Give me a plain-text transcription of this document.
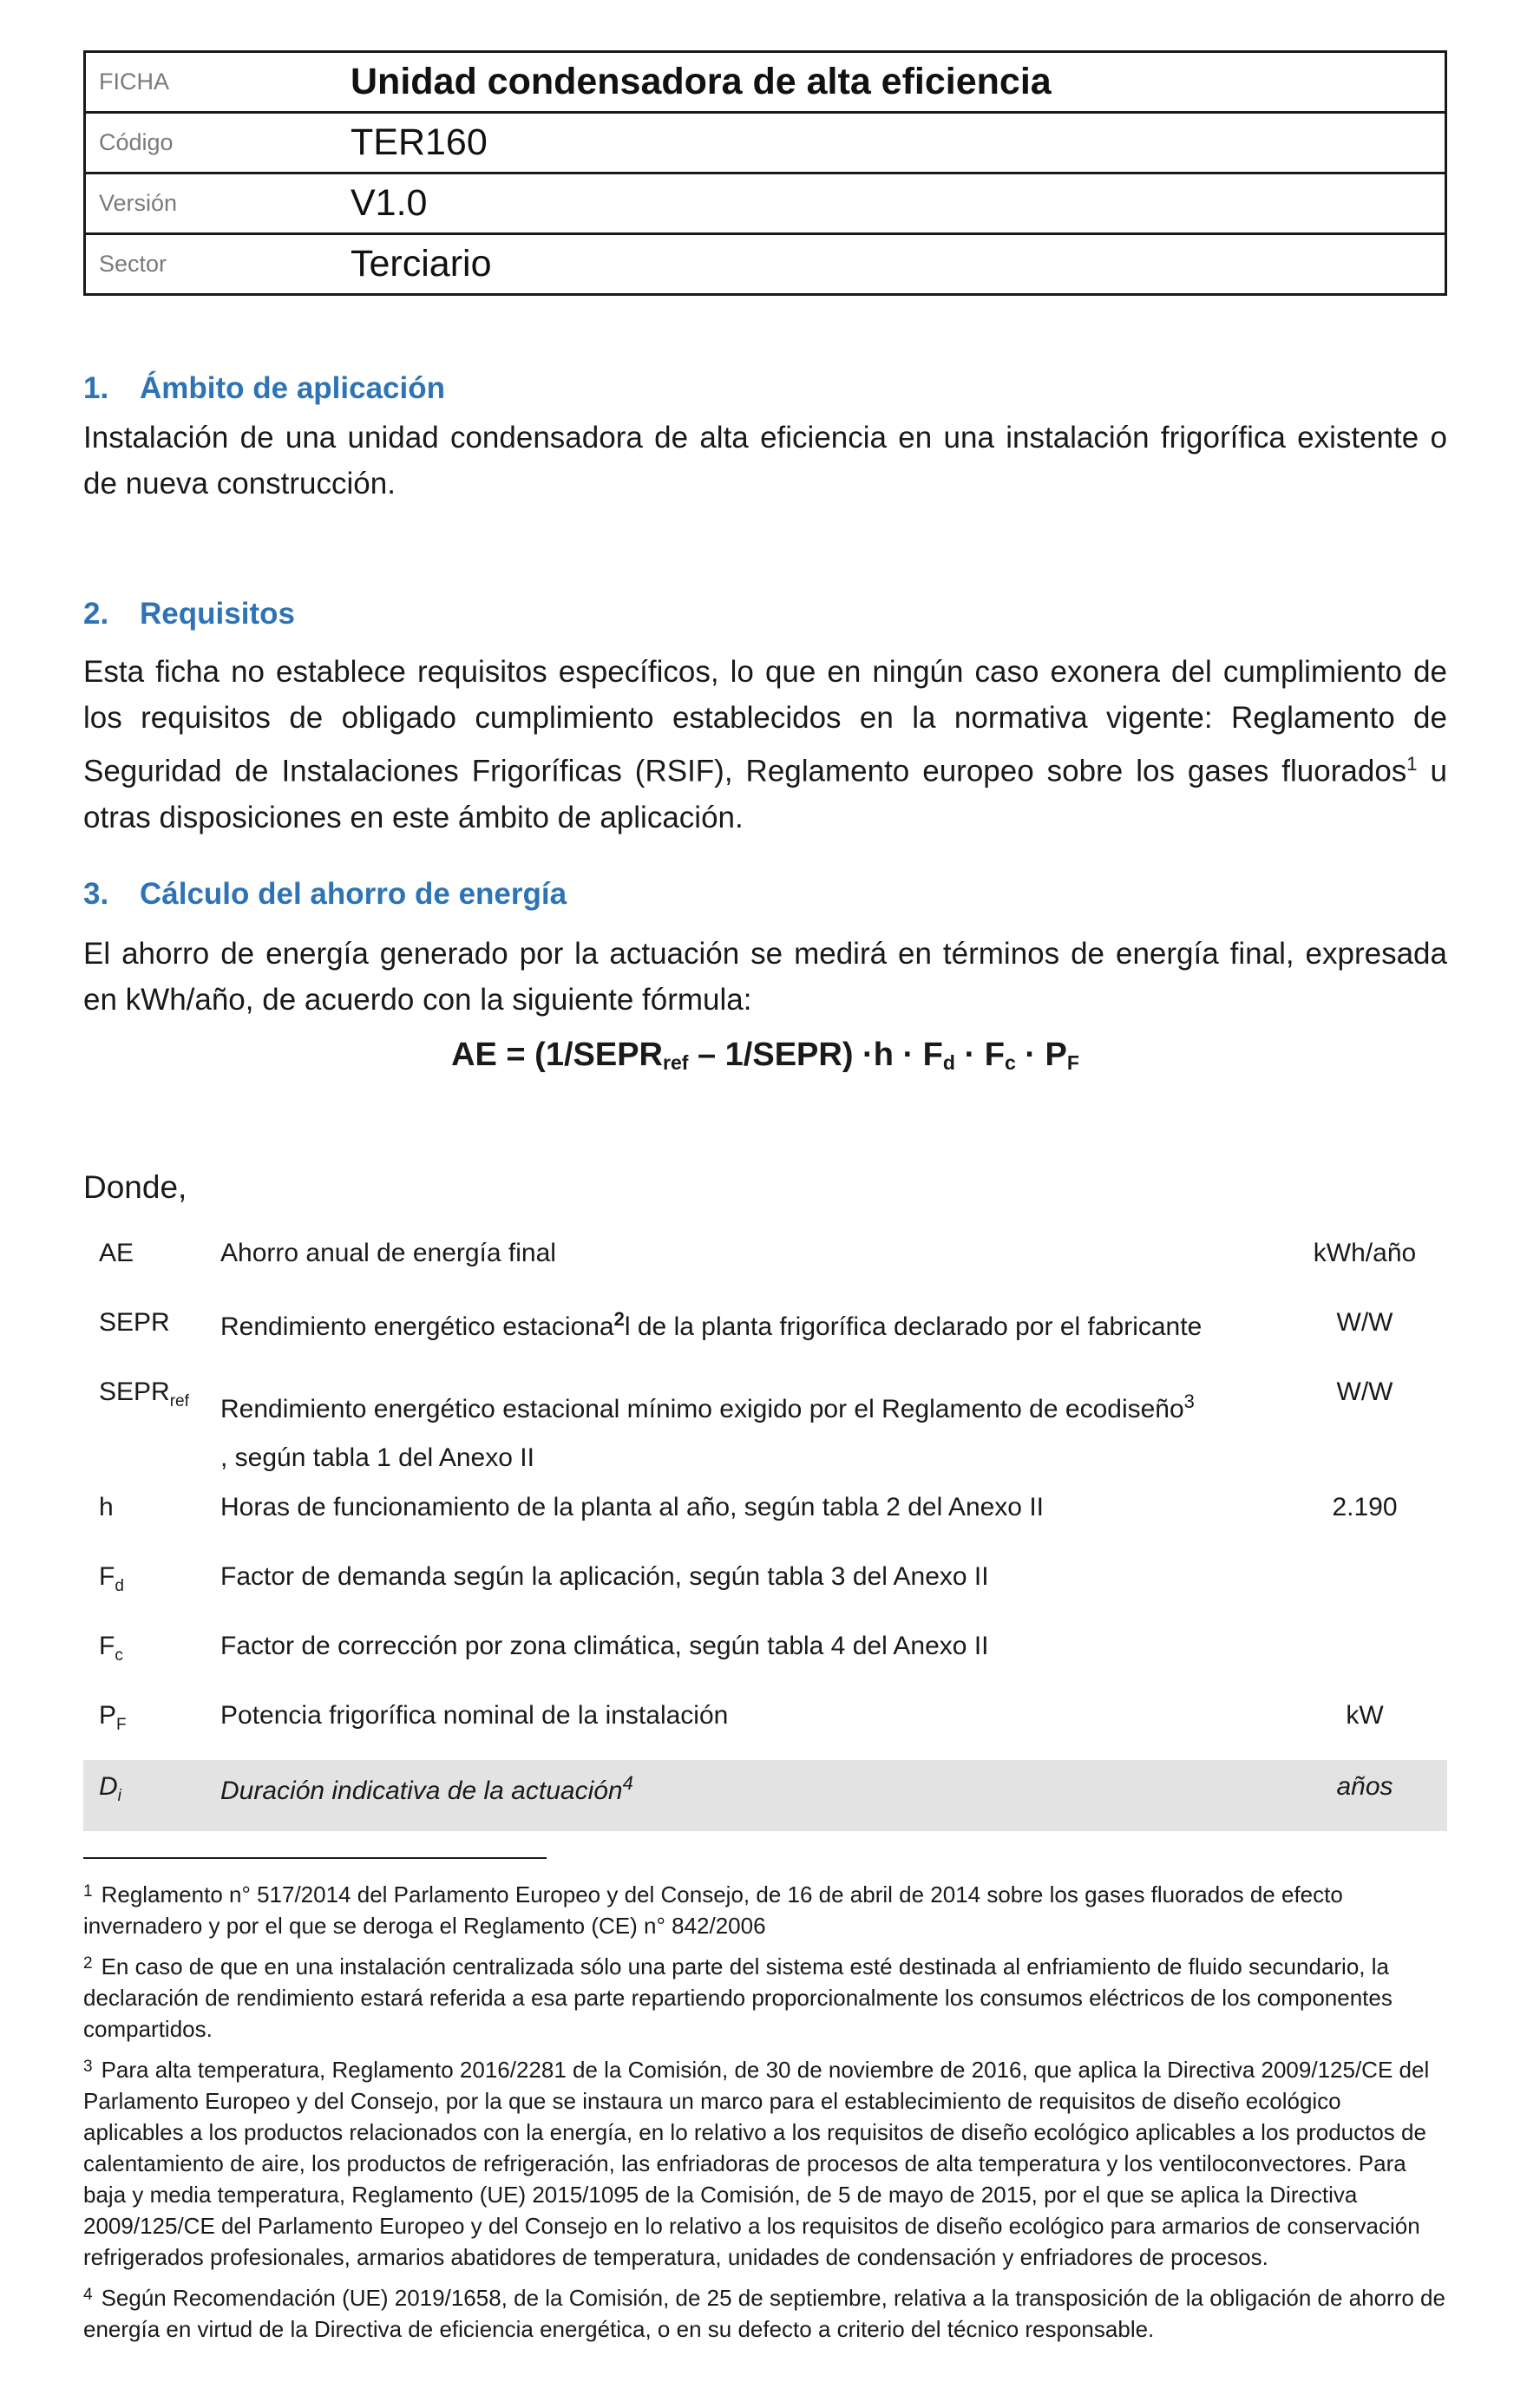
FICHA	Unidad condensadora de alta eficiencia
Código	TER160
Versión	V1.0
Sector	Terciario
1. Ámbito de aplicación

Instalación de una unidad condensadora de alta eficiencia en una instalación frigorífica existente o de nueva construcción.

2. Requisitos

Esta ficha no establece requisitos específicos, lo que en ningún caso exonera del cumplimiento de los requisitos de obligado cumplimiento establecidos en la normativa vigente: Reglamento de Seguridad de Instalaciones Frigoríficas (RSIF), Reglamento europeo sobre los gases fluorados$^1$ u otras disposiciones en este ámbito de aplicación.

3. Cálculo del ahorro de energía

El ahorro de energía generado por la actuación se medirá en términos de energía final, expresada en kWh/año, de acuerdo con la siguiente fórmula:

AE = ($1/SEPR_{ref}$ – 1/SEPR) $\cdot h \cdot F_d \cdot F_c \cdot P_F$
Donde,
AE	Ahorro anual de energía final	kWh/año
SEPR	Rendimiento energético estaciona$^2$l de la planta frigorífica declarado por el fabricante	W/W
$SEPR_{ref}$	Rendimiento energético estacional mínimo exigido por el Reglamento de ecodiseño$^3$
, según tabla 1 del Anexo II	W/W
h	Horas de funcionamiento de la planta al año, según tabla 2 del Anexo II	2.190
$F_d$	Factor de demanda según la aplicación, según tabla 3 del Anexo II	
$F_c$	Factor de corrección por zona climática, según tabla 4 del Anexo II	
$P_F$	Potencia frigorífica nominal de la instalación	kW
$D_i$	Duración indicativa de la actuación$^4$	años
$^1$ Reglamento n° 517/2014 del Parlamento Europeo y del Consejo, de 16 de abril de 2014 sobre los gases fluorados de efecto invernadero y por el que se deroga el Reglamento (CE) n° 842/2006
$^2$ En caso de que en una instalación centralizada sólo una parte del sistema esté destinada al enfriamiento de fluido secundario, la declaración de rendimiento estará referida a esa parte repartiendo proporcionalmente los consumos eléctricos de los componentes compartidos.
$^3$ Para alta temperatura, Reglamento 2016/2281 de la Comisión, de 30 de noviembre de 2016, que aplica la Directiva 2009/125/CE del Parlamento Europeo y del Consejo, por la que se instaura un marco para el establecimiento de requisitos de diseño ecológico aplicables a los productos relacionados con la energía, en lo relativo a los requisitos de diseño ecológico aplicables a los productos de calentamiento de aire, los productos de refrigeración, las enfriadoras de procesos de alta temperatura y los ventiloconvectores. Para baja y media temperatura, Reglamento (UE) 2015/1095 de la Comisión, de 5 de mayo de 2015, por el que se aplica la Directiva 2009/125/CE del Parlamento Europeo y del Consejo en lo relativo a los requisitos de diseño ecológico para armarios de conservación refrigerados profesionales, armarios abatidores de temperatura, unidades de condensación y enfriadores de procesos.
$^4$ Según Recomendación (UE) 2019/1658, de la Comisión, de 25 de septiembre, relativa a la transposición de la obligación de ahorro de energía en virtud de la Directiva de eficiencia energética, o en su defecto a criterio del técnico responsable.
